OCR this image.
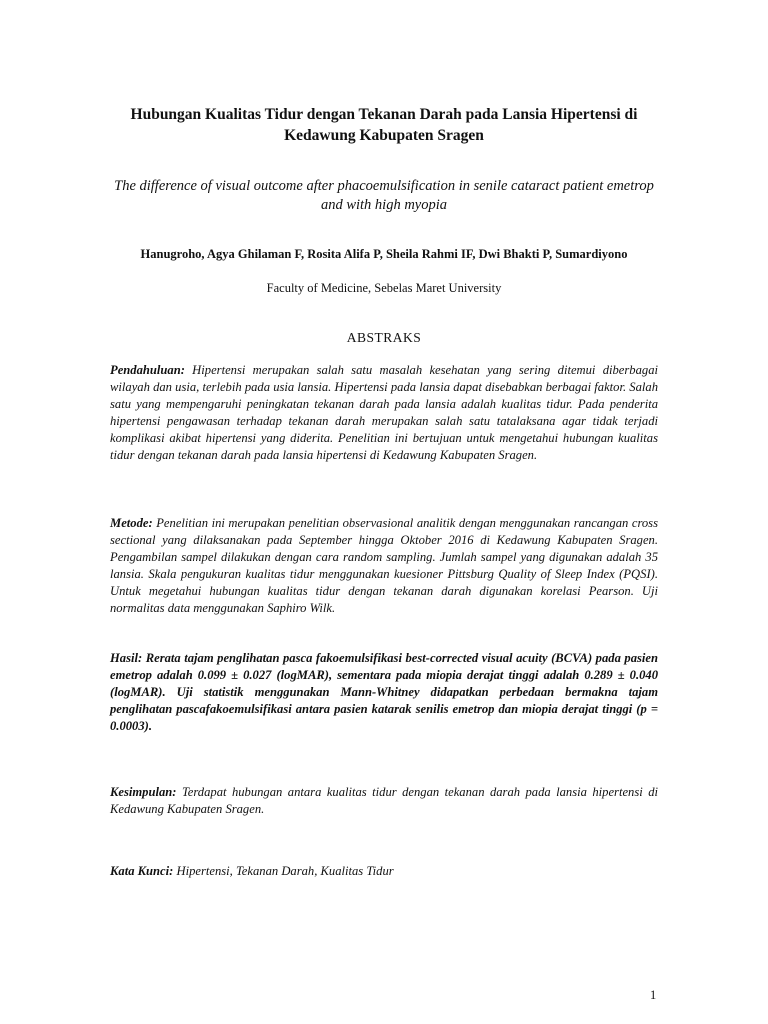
Hubungan Kualitas Tidur dengan Tekanan Darah pada Lansia Hipertensi di Kedawung Kabupaten Sragen
The difference of visual outcome after phacoemulsification in senile cataract patient emetrop and with high myopia
Hanugroho, Agya Ghilaman F, Rosita Alifa P, Sheila Rahmi IF, Dwi Bhakti P, Sumardiyono
Faculty of Medicine, Sebelas Maret University
ABSTRAKS
Pendahuluan: Hipertensi merupakan salah satu masalah kesehatan yang sering ditemui diberbagai wilayah dan usia, terlebih pada usia lansia. Hipertensi pada lansia dapat disebabkan berbagai faktor. Salah satu yang mempengaruhi peningkatan tekanan darah pada lansia adalah kualitas tidur. Pada penderita hipertensi pengawasan terhadap tekanan darah merupakan salah satu tatalaksana agar tidak terjadi komplikasi akibat hipertensi yang diderita. Penelitian ini bertujuan untuk mengetahui hubungan kualitas tidur dengan tekanan darah pada lansia hipertensi di Kedawung Kabupaten Sragen.
Metode: Penelitian ini merupakan penelitian observasional analitik dengan menggunakan rancangan cross sectional yang dilaksanakan pada September hingga Oktober 2016 di Kedawung Kabupaten Sragen. Pengambilan sampel dilakukan dengan cara random sampling. Jumlah sampel yang digunakan adalah 35 lansia. Skala pengukuran kualitas tidur menggunakan kuesioner Pittsburg Quality of Sleep Index (PQSI). Untuk megetahui hubungan kualitas tidur dengan tekanan darah digunakan korelasi Pearson. Uji normalitas data menggunakan Saphiro Wilk.
Hasil: Rerata tajam penglihatan pasca fakoemulsifikasi best-corrected visual acuity (BCVA) pada pasien emetrop adalah 0.099 ± 0.027 (logMAR), sementara pada miopia derajat tinggi adalah 0.289 ± 0.040 (logMAR). Uji statistik menggunakan Mann-Whitney didapatkan perbedaan bermakna tajam penglihatan pascafakoemulsifikasi antara pasien katarak senilis emetrop dan miopia derajat tinggi (p = 0.0003).
Kesimpulan: Terdapat hubungan antara kualitas tidur dengan tekanan darah pada lansia hipertensi di Kedawung Kabupaten Sragen.
Kata Kunci: Hipertensi, Tekanan Darah, Kualitas Tidur
1
